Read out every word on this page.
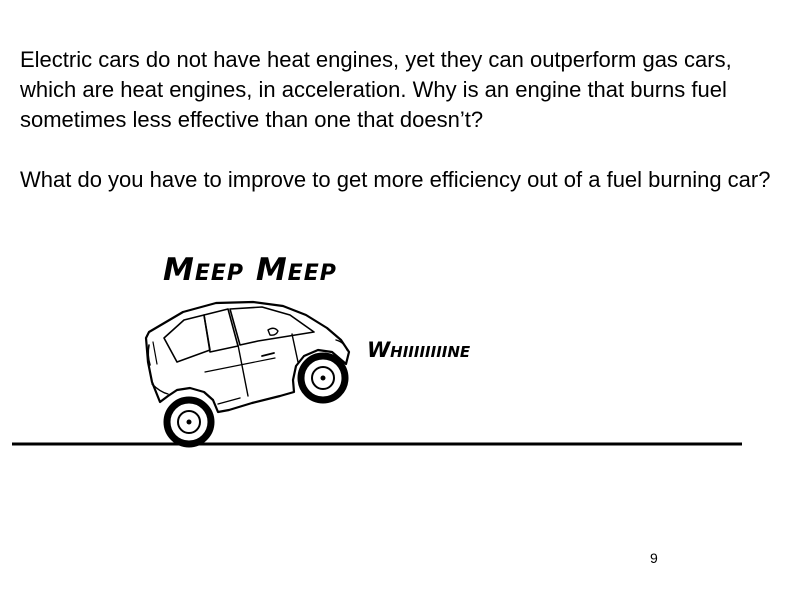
Electric cars do not have heat engines, yet they can outperform gas cars, which are heat engines, in acceleration. Why is an engine that burns fuel sometimes less effective than one that doesn’t?

What do you have to improve to get more efficiency out of a fuel burning car?

Meep Meep
Whiiiiiiiine
9
